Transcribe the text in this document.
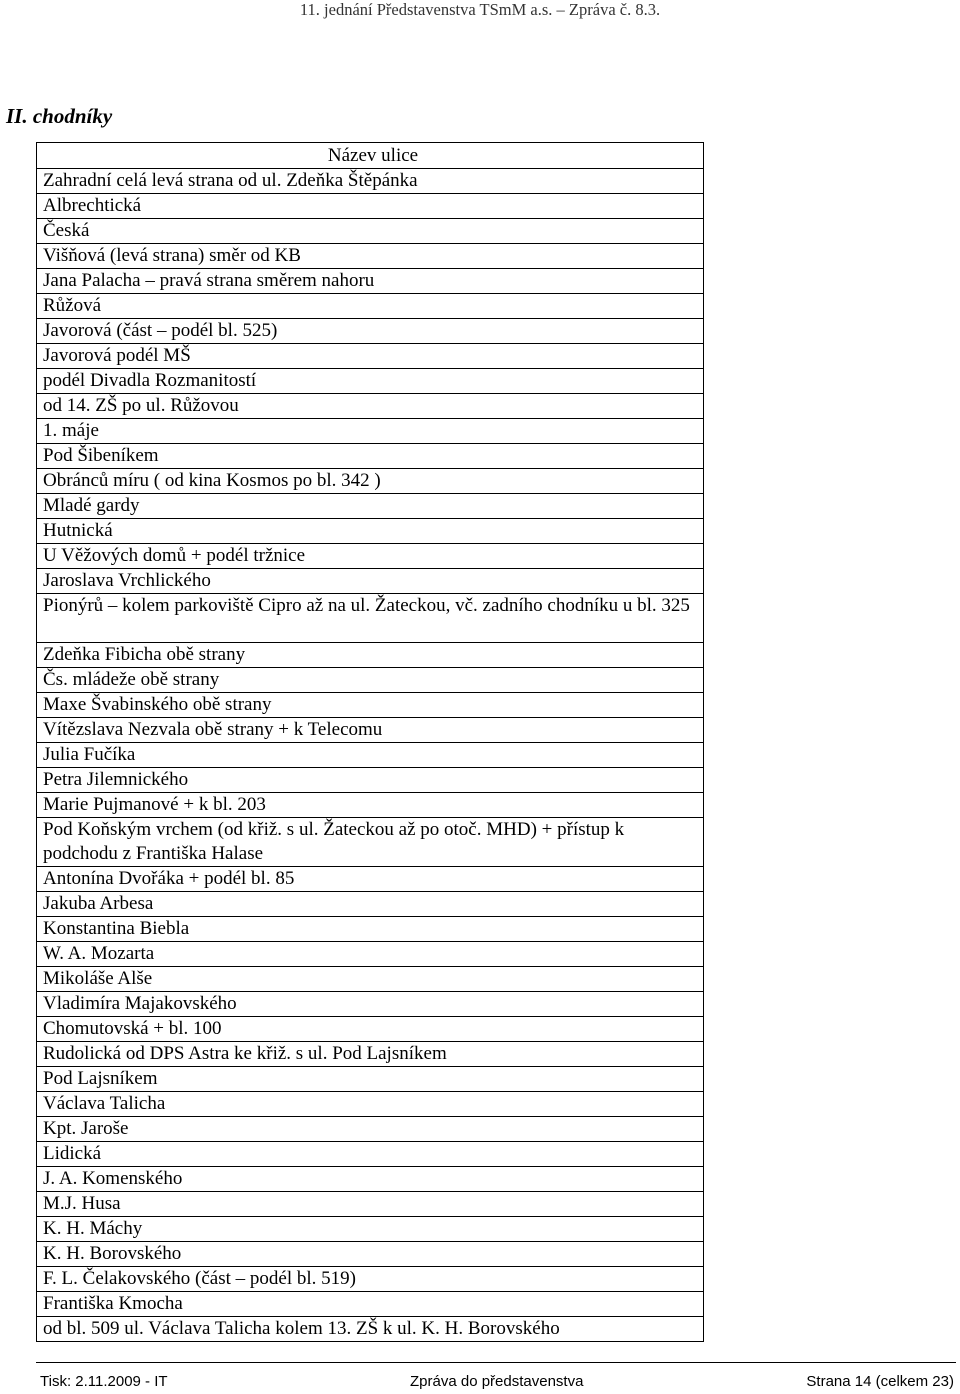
11. jednání Představenstva TSmM a.s. – Zpráva č. 8.3.
II. chodníky
Název ulice
Zahradní celá levá strana od ul. Zdeňka Štěpánka
Albrechtická
Česká
Višňová (levá strana) směr od KB
Jana Palacha – pravá strana směrem nahoru
Růžová
Javorová (část – podél bl. 525)
Javorová podél MŠ
podél Divadla Rozmanitostí
od 14. ZŠ po ul. Růžovou
1. máje
Pod Šibeníkem
Obránců míru ( od kina Kosmos po bl. 342 )
Mladé gardy
Hutnická
U Věžových domů + podél tržnice
Jaroslava Vrchlického
Pionýrů – kolem parkoviště Cipro až na ul. Žateckou, vč. zadního chodníku u bl. 325
Zdeňka Fibicha obě strany
Čs. mládeže obě strany
Maxe Švabinského obě strany
Vítězslava Nezvala obě strany + k Telecomu
Julia Fučíka
Petra Jilemnického
Marie Pujmanové + k bl. 203
Pod Koňským vrchem (od křiž. s ul. Žateckou až po otoč. MHD) + přístup k podchodu z Františka Halase
Antonína Dvořáka + podél bl. 85
Jakuba Arbesa
Konstantina Biebla
W. A. Mozarta
Mikoláše Alše
Vladimíra Majakovského
Chomutovská + bl. 100
Rudolická od DPS Astra ke křiž. s ul. Pod Lajsníkem
Pod Lajsníkem
Václava Talicha
Kpt. Jaroše
Lidická
J. A. Komenského
M.J. Husa
K. H. Máchy
K. H. Borovského
F. L. Čelakovského (část – podél bl. 519)
Františka Kmocha
od bl. 509 ul. Václava Talicha kolem 13. ZŠ k ul. K. H. Borovského
Tisk: 2.11.2009 - IT	Zpráva do představenstva	Strana 14 (celkem 23)
